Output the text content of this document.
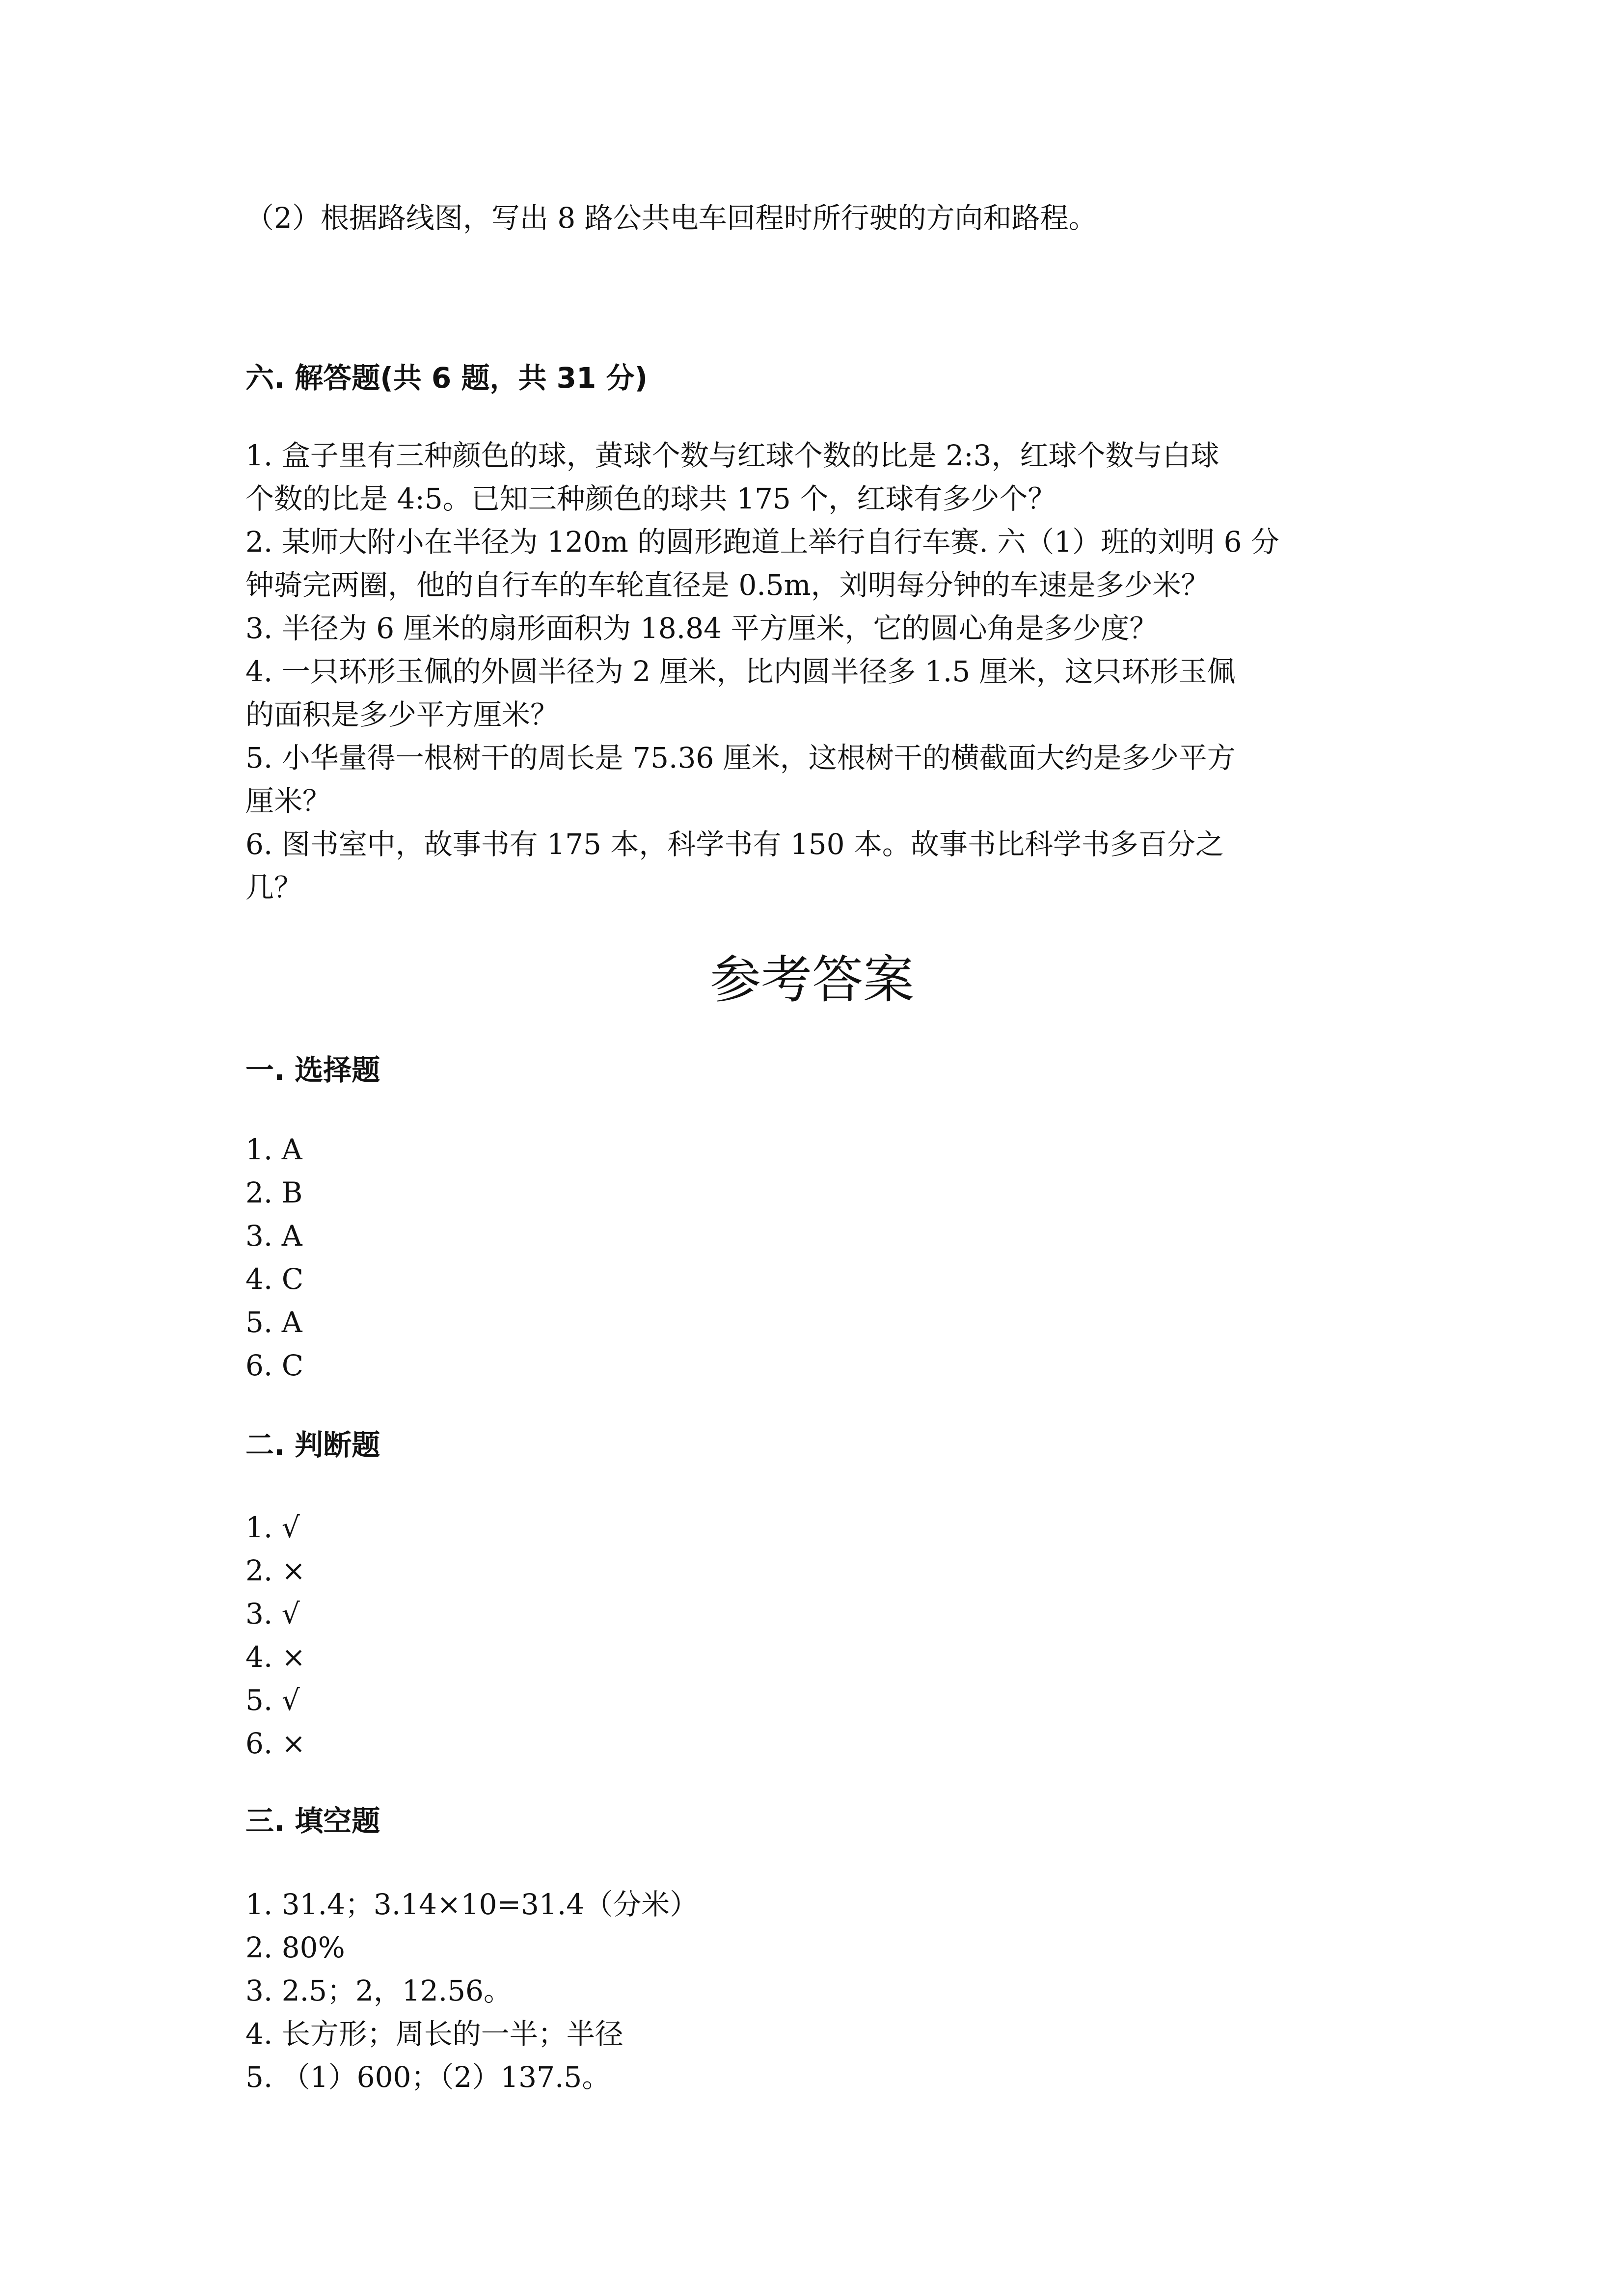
（2）根据路线图，写出 8 路公共电车回程时所行驶的方向和路程。
六. 解答题(共 6 题，共 31 分)
1. 盒子里有三种颜色的球，黄球个数与红球个数的比是 2:3，红球个数与白球
个数的比是 4:5。已知三种颜色的球共 175 个，红球有多少个？
2. 某师大附小在半径为 120m 的圆形跑道上举行自行车赛. 六（1）班的刘明 6 分
钟骑完两圈，他的自行车的车轮直径是 0.5m，刘明每分钟的车速是多少米？
3. 半径为 6 厘米的扇形面积为 18.84 平方厘米，它的圆心角是多少度？
4. 一只环形玉佩的外圆半径为 2 厘米，比内圆半径多 1.5 厘米，这只环形玉佩
的面积是多少平方厘米？
5. 小华量得一根树干的周长是 75.36 厘米，这根树干的横截面大约是多少平方
厘米？
6. 图书室中，故事书有 175 本，科学书有 150 本。故事书比科学书多百分之
几？
参考答案
一. 选择题
1. A
2. B
3. A
4. C
5. A
6. C
二. 判断题
1. √
2. ×
3. √
4. ×
5. √
6. ×
三. 填空题
1. 31.4；3.14×10=31.4（分米）
2. 80%
3. 2.5；2，12.56。
4. 长方形；周长的一半；半径
5. （1）600；（2）137.5。
